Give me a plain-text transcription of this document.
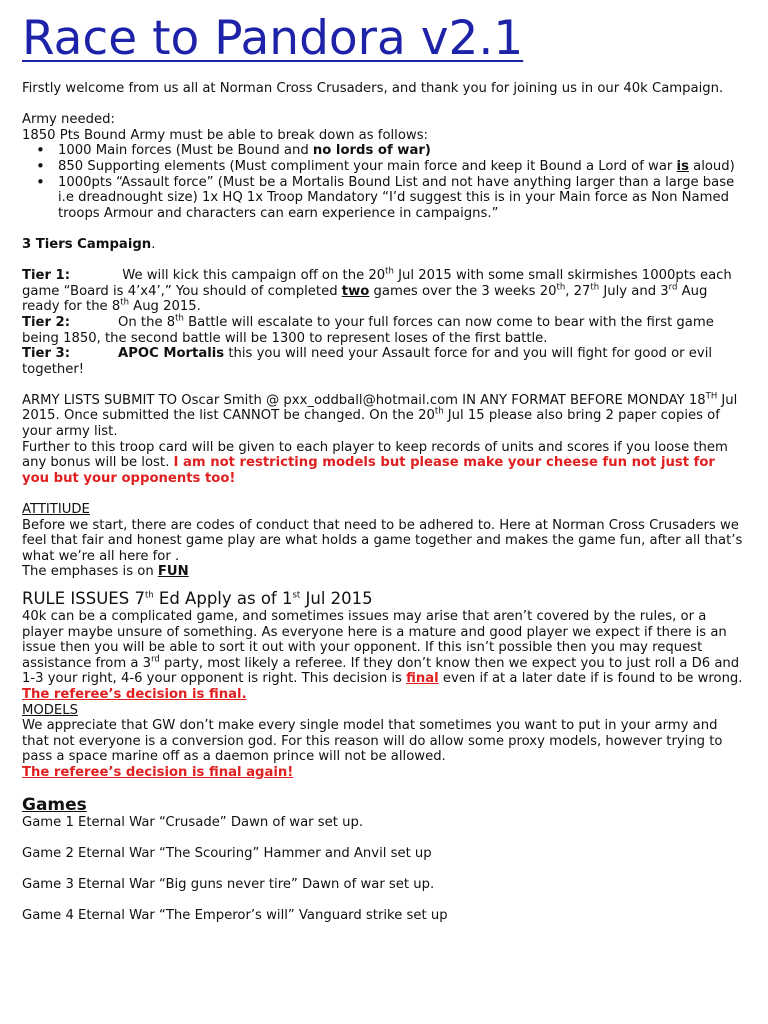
Race to Pandora v2.1

Firstly welcome from us all at Norman Cross Crusaders, and thank you for joining us in our 40k Campaign.

Army needed:

1850 Pts Bound Army must be able to break down as follows:

• 1000 Main forces (Must be Bound and no lords of war)
• 850 Supporting elements (Must compliment your main force and keep it Bound a Lord of war is aloud)
• 1000pts “Assault force” (Must be a Mortalis Bound List and not have anything larger than a large base i.e dreadnought size) 1x HQ 1x Troop Mandatory “I’d suggest this is in your Main force as Non Named troops Armour and characters can earn experience in campaigns.”

3 Tiers Campaign.

Tier 1:	We will kick this campaign off on the 20th Jul 2015 with some small skirmishes 1000pts each game “Board is 4’x4’,” You should of completed two games over the 3 weeks 20th, 27th July and 3rd Aug ready for the 8th Aug 2015.

Tier 2:	On the 8th Battle will escalate to your full forces can now come to bear with the first game being 1850, the second battle will be 1300 to represent loses of the first battle.

Tier 3:	APOC Mortalis this you will need your Assault force for and you will fight for good or evil together!

ARMY LISTS SUBMIT TO Oscar Smith @ pxx_oddball@hotmail.com IN ANY FORMAT BEFORE MONDAY 18TH Jul 2015. Once submitted the list CANNOT be changed. On the 20th Jul 15 please also bring 2 paper copies of your army list.

Further to this troop card will be given to each player to keep records of units and scores if you loose them any bonus will be lost. I am not restricting models but please make your cheese fun not just for you but your opponents too!

ATTITIUDE

Before we start, there are codes of conduct that need to be adhered to. Here at Norman Cross Crusaders we feel that fair and honest game play are what holds a game together and makes the game fun, after all that’s what we’re all here for .

The emphases is on FUN

RULE ISSUES 7th Ed Apply as of 1st Jul 2015

40k can be a complicated game, and sometimes issues may arise that aren’t covered by the rules, or a player maybe unsure of something. As everyone here is a mature and good player we expect if there is an issue then you will be able to sort it out with your opponent. If this isn’t possible then you may request assistance from a 3rd party, most likely a referee. If they don’t know then we expect you to just roll a D6 and 1-3 your right, 4-6 your opponent is right. This decision is final even if at a later date if is found to be wrong.

The referee’s decision is final.

MODELS

We appreciate that GW don’t make every single model that sometimes you want to put in your army and that not everyone is a conversion god. For this reason will do allow some proxy models, however trying to pass a space marine off as a daemon prince will not be allowed.

The referee’s decision is final again!

Games

Game 1 Eternal War “Crusade” Dawn of war set up.

Game 2 Eternal War “The Scouring” Hammer and Anvil set up

Game 3 Eternal War “Big guns never tire” Dawn of war set up.

Game 4 Eternal War “The Emperor’s will” Vanguard strike set up
